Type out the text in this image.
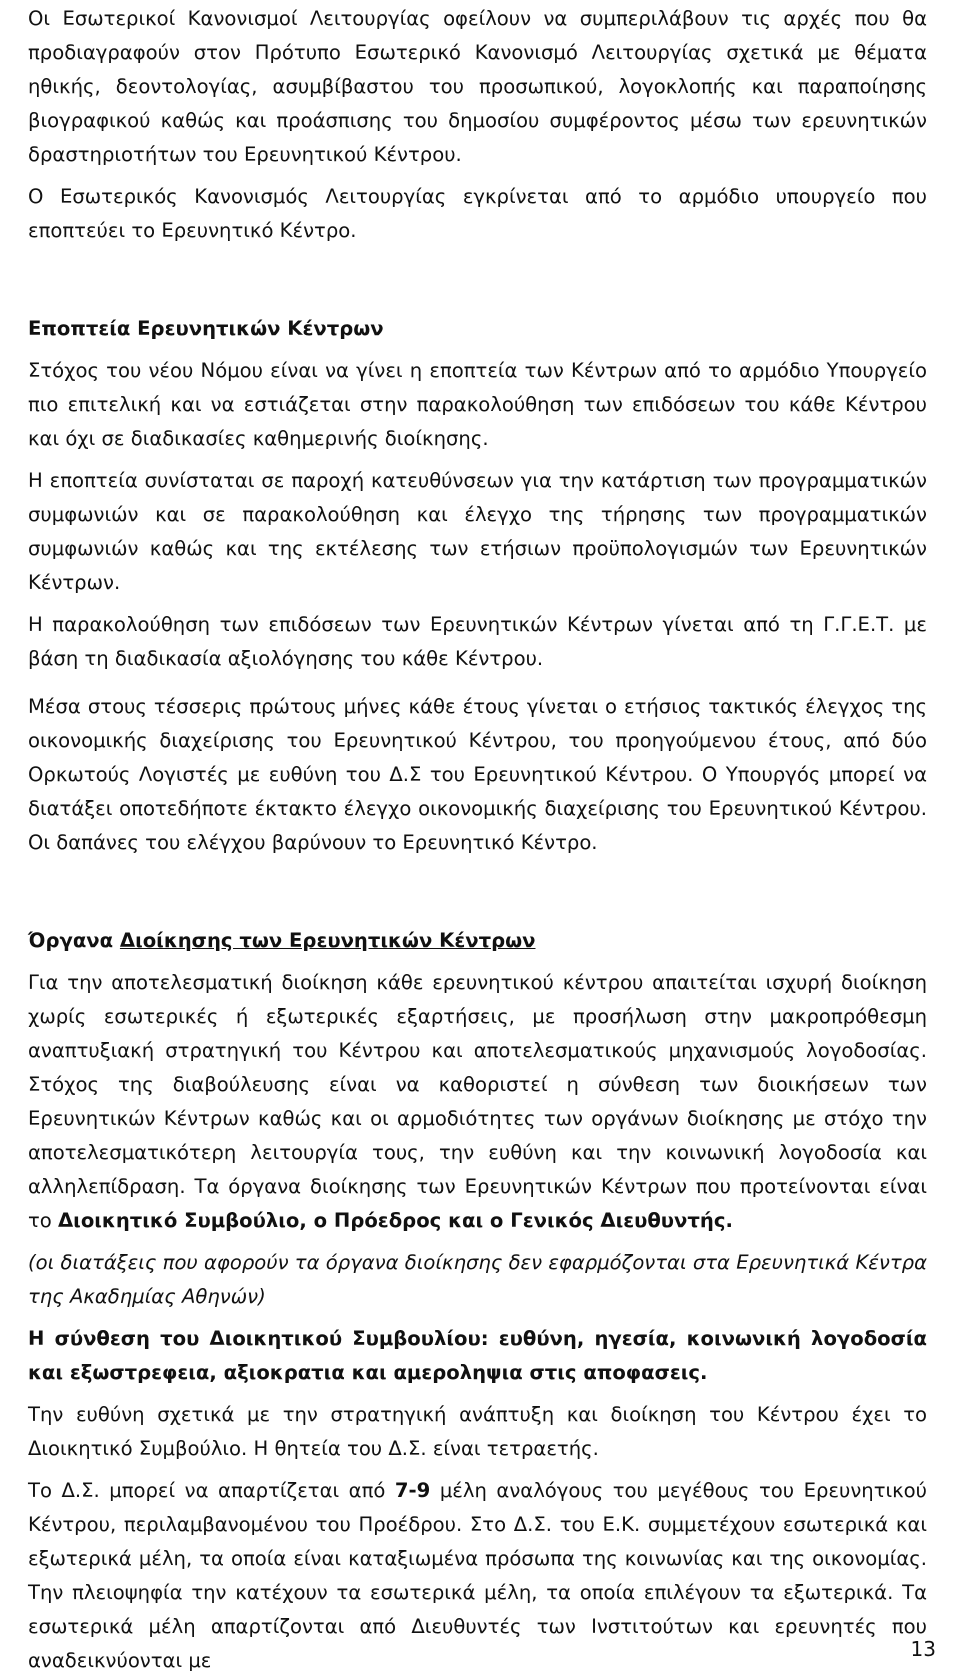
Οι Εσωτερικοί Κανονισμοί Λειτουργίας οφείλουν να συμπεριλάβουν τις αρχές που θα προδιαγραφούν στον Πρότυπο Εσωτερικό Κανονισμό Λειτουργίας σχετικά με θέματα ηθικής, δεοντολογίας, ασυμβίβαστου του προσωπικού, λογοκλοπής και παραποίησης βιογραφικού καθώς και προάσπισης του δημοσίου συμφέροντος μέσω των ερευνητικών δραστηριοτήτων του Ερευνητικού Κέντρου.

Ο Εσωτερικός Κανονισμός Λειτουργίας εγκρίνεται από το αρμόδιο υπουργείο που εποπτεύει το Ερευνητικό Κέντρο.

Εποπτεία Ερευνητικών Κέντρων

Στόχος του νέου Νόμου είναι να γίνει η εποπτεία των Κέντρων από το αρμόδιο Υπουργείο πιο επιτελική και να εστιάζεται στην παρακολούθηση των επιδόσεων του κάθε Κέντρου και όχι σε διαδικασίες καθημερινής διοίκησης.

Η εποπτεία συνίσταται σε παροχή κατευθύνσεων για την κατάρτιση των προγραμματικών συμφωνιών και σε παρακολούθηση και έλεγχο της τήρησης των προγραμματικών συμφωνιών καθώς και της εκτέλεσης των ετήσιων προϋπολογισμών των Ερευνητικών Κέντρων.

Η παρακολούθηση των επιδόσεων των Ερευνητικών Κέντρων γίνεται από τη Γ.Γ.Ε.Τ. με βάση τη διαδικασία αξιολόγησης του κάθε Κέντρου.

Μέσα στους τέσσερις πρώτους μήνες κάθε έτους γίνεται ο ετήσιος τακτικός έλεγχος της οικονομικής διαχείρισης του Ερευνητικού Κέντρου, του προηγούμενου έτους, από δύο Ορκωτούς Λογιστές με ευθύνη του Δ.Σ του Ερευνητικού Κέντρου. Ο Υπουργός μπορεί να διατάξει οποτεδήποτε έκτακτο έλεγχο οικονομικής διαχείρισης του Ερευνητικού Κέντρου. Οι δαπάνες του ελέγχου βαρύνουν το Ερευνητικό Κέντρο.

Όργανα Διοίκησης των Ερευνητικών Κέντρων

Για την αποτελεσματική διοίκηση κάθε ερευνητικού κέντρου απαιτείται ισχυρή διοίκηση χωρίς εσωτερικές ή εξωτερικές εξαρτήσεις, με προσήλωση στην μακροπρόθεσμη αναπτυξιακή στρατηγική του Κέντρου και αποτελεσματικούς μηχανισμούς λογοδοσίας. Στόχος της διαβούλευσης είναι να καθοριστεί η σύνθεση των διοικήσεων των Ερευνητικών Κέντρων καθώς και οι αρμοδιότητες των οργάνων διοίκησης με στόχο την αποτελεσματικότερη λειτουργία τους, την ευθύνη και την κοινωνική λογοδοσία και αλληλεπίδραση. Τα όργανα διοίκησης των Ερευνητικών Κέντρων που προτείνονται είναι το Διοικητικό Συμβούλιο, ο Πρόεδρος και ο Γενικός Διευθυντής.

(οι διατάξεις που αφορούν τα όργανα διοίκησης δεν εφαρμόζονται στα Ερευνητικά Κέντρα της Ακαδημίας Αθηνών)

Η σύνθεση του Διοικητικού Συμβουλίου: ευθύνη, ηγεσία, κοινωνική λογοδοσία και εξωστρεφεια, αξιοκρατια και αμεροληψια στις αποφασεις.

Την ευθύνη σχετικά με την στρατηγική ανάπτυξη και διοίκηση του Κέντρου έχει το Διοικητικό Συμβούλιο. Η θητεία του Δ.Σ. είναι τετραετής.

Το Δ.Σ. μπορεί να απαρτίζεται από 7-9 μέλη αναλόγους του μεγέθους του Ερευνητικού Κέντρου, περιλαμβανομένου του Προέδρου. Στο Δ.Σ. του Ε.Κ. συμμετέχουν εσωτερικά και εξωτερικά μέλη, τα οποία είναι καταξιωμένα πρόσωπα της κοινωνίας και της οικονομίας. Την πλειοψηφία την κατέχουν τα εσωτερικά μέλη, τα οποία επιλέγουν τα εξωτερικά. Τα εσωτερικά μέλη απαρτίζονται από Διευθυντές των Ινστιτούτων και ερευνητές που αναδεικνύονται με	13
